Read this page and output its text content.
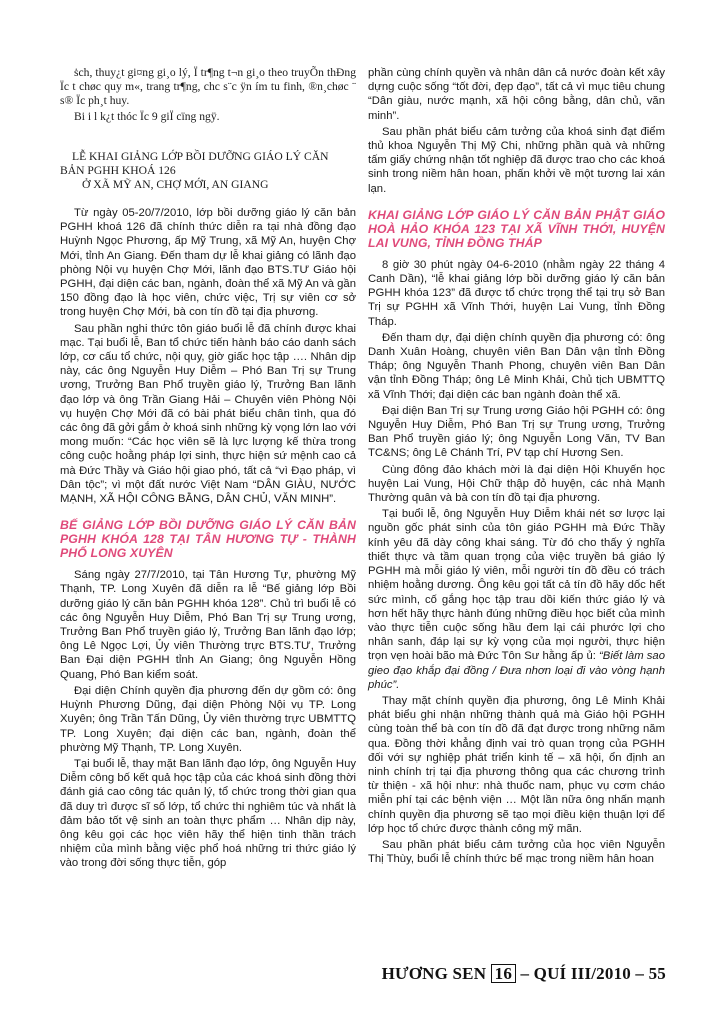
ṡch, thuy¿t gi¤ng gi¸o lý, Ï tr¶ng t¬n gi¸o theo truyÕn thÐng Ïc t chøc quy m«, trang tr¶ng, chc s¨c ÿn ím tu finh, ®n¸chøc ¨ s® Ïc ph¸t huy.

Bi i l k¿t thóc Ïc 9 giÏ cïng ngÿ.

LỄ KHAI GIẢNG LỚP BỒI DƯỠNG GIÁO LÝ CĂN
BẢN PGHH KHOÁ 126
Ở XÃ MỸ AN, CHỢ MỚI, AN GIANG

Từ ngày 05-20/7/2010, lớp bồi dưỡng giáo lý căn bản PGHH khoá 126 đã chính thức diễn ra tại nhà đồng đạo Huỳnh Ngọc Phương, ấp Mỹ Trung, xã Mỹ An, huyện Chợ Mới, tỉnh An Giang. Đến tham dự lễ khai giảng có lãnh đạo phòng Nội vụ huyện Chợ Mới, lãnh đạo BTS.TƯ Giáo hội PGHH, đại diện các ban, ngành, đoàn thể xã Mỹ An và gần 150 đồng đạo là học viên, chức việc, Trị sự viên cơ sở trong huyện Chợ Mới, bà con tín đồ tại địa phương.

Sau phần nghi thức tôn giáo buổi lễ đã chính được khai mạc. Tại buổi lễ, Ban tổ chức tiến hành báo cáo danh sách lớp, cơ cấu tổ chức, nội quy, giờ giấc học tập …. Nhân dịp này, các ông Nguyễn Huy Diễm – Phó Ban Trị sự Trung ương, Trưởng Ban Phổ truyền giáo lý, Trưởng Ban lãnh đạo lớp và ông Trần Giang Hải – Chuyên viên Phòng Nội vụ huyện Chợ Mới đã có bài phát biểu chân tình, qua đó các ông đã gởi gắm ở khoá sinh những kỳ vọng lớn lao với mong muốn: “Các học viên sẽ là lực lượng kế thừa trong công cuộc hoằng pháp lợi sinh, thực hiện sứ mệnh cao cả mà Đức Thầy và Giáo hội giao phó, tất cả “vì Đạo pháp, vì Dân tộc”; vì một đất nước Việt Nam “DÂN GIÀU, NƯỚC MẠNH, XÃ HỘI CÔNG BẰNG, DÂN CHỦ, VĂN MINH”.

BẾ GIẢNG LỚP BỒI DƯỠNG GIÁO LÝ CĂN BẢN PGHH KHÓA 128 TẠI TÂN HƯƠNG TỰ - THÀNH PHỐ LONG XUYÊN

Sáng ngày 27/7/2010, tại Tân Hương Tự, phường Mỹ Thạnh, TP. Long Xuyên đã diễn ra lễ “Bế giảng lớp Bồi dưỡng giáo lý căn bản PGHH khóa 128”. Chủ trì buổi lễ có các ông Nguyễn Huy Diễm, Phó Ban Trị sự Trung ương, Trưởng Ban Phổ truyền giáo lý, Trưởng Ban lãnh đạo lớp; ông Lê Ngọc Lợi, Ủy viên Thường trực BTS.TƯ, Trưởng Ban Đại diện PGHH tỉnh An Giang; ông Nguyễn Hồng Quang, Phó Ban kiểm soát.

Đại diện Chính quyền địa phương đến dự gồm có: ông Huỳnh Phương Dũng, đại diện Phòng Nội vụ TP. Long Xuyên; ông Trần Tấn Dũng, Ủy viên thường trực UBMTTQ TP. Long Xuyên; đại diện các ban, ngành, đoàn thể phường Mỹ Thạnh, TP. Long Xuyên.

Tại buổi lễ, thay mặt Ban lãnh đạo lớp, ông Nguyễn Huy Diễm công bố kết quả học tập của các khoá sinh đồng thời đánh giá cao công tác quản lý, tổ chức trong thời gian qua đã duy trì được sĩ số lớp, tổ chức thi nghiêm túc và nhất là đảm bảo tốt vệ sinh an toàn thực phẩm … Nhân dịp này, ông kêu gọi các học viên hãy thể hiện tinh thần trách nhiệm của mình bằng việc phổ hoá những tri thức giáo lý vào trong đời sống thực tiễn, góp

phần cùng chính quyền và nhân dân cả nước đoàn kết xây dựng cuộc sống “tốt đời, đẹp đạo”, tất cả vì mục tiêu chung “Dân giàu, nước mạnh, xã hội công bằng, dân chủ, văn minh”.

Sau phần phát biểu cảm tưởng của khoá sinh đạt điểm thủ khoa Nguyễn Thị Mỹ Chi, những phần quà và những tấm giấy chứng nhận tốt nghiệp đã được trao cho các khoá sinh trong niềm hân hoan, phấn khởi về một tương lai xán lạn.

KHAI GIẢNG LỚP GIÁO LÝ CĂN BẢN PHẬT GIÁO HOÀ HẢO KHÓA 123 TẠI XÃ VĨNH THỚI, HUYỆN LAI VUNG, TỈNH ĐỒNG THÁP

8 giờ 30 phút ngày 04-6-2010 (nhằm ngày 22 tháng 4 Canh Dần), “lễ khai giảng lớp bồi dưỡng giáo lý căn bản PGHH khóa 123” đã được tổ chức trọng thể tại trụ sở Ban Trị sự PGHH xã Vĩnh Thới, huyện Lai Vung, tỉnh Đồng Tháp.

Đến tham dự, đại diện chính quyền địa phương có: ông Danh Xuân Hoàng, chuyên viên Ban Dân vận tỉnh Đồng Tháp; ông Nguyễn Thanh Phong, chuyên viên Ban Dân vận tỉnh Đồng Tháp; ông Lê Minh Khải, Chủ tịch UBMTTQ xã Vĩnh Thới; đại diện các ban ngành đoàn thể xã.

Đại diện Ban Trị sự Trung ương Giáo hội PGHH có: ông Nguyễn Huy Diễm, Phó Ban Trị sự Trung ương, Trưởng Ban Phổ truyền giáo lý; ông Nguyễn Long Văn, TV Ban TC&NS; ông Lê Chánh Trí, PV tạp chí Hương Sen.

Cùng đông đảo khách mời là đại diện Hội Khuyến học huyện Lai Vung, Hội Chữ thập đỏ huyện, các nhà Mạnh Thường quân và bà con tín đồ tại địa phương.

Tại buổi lễ, ông Nguyễn Huy Diễm khái nét sơ lược lại nguồn gốc phát sinh của tôn giáo PGHH mà Đức Thầy kính yêu đã dày công khai sáng. Từ đó cho thấy ý nghĩa thiết thực và tầm quan trọng của việc truyền bá giáo lý PGHH mà mỗi giáo lý viên, mỗi người tín đồ đều có trách nhiệm hoằng dương. Ông kêu gọi tất cả tín đồ hãy dốc hết sức mình, cố gắng học tập trau dồi kiến thức giáo lý và hơn hết hãy thực hành đúng những điều học biết của mình vào thực tiễn cuộc sống hầu đem lại cái phước lợi cho nhân sanh, đáp lại sự kỳ vọng của mọi người, thực hiện trọn vẹn hoài bão mà Đức Tôn Sư hằng ấp ủ: “Biết làm sao gieo đạo khắp đại đồng / Đưa nhơn loại đi vào vòng hạnh phúc”.

Thay mặt chính quyền địa phương, ông Lê Minh Khải phát biểu ghi nhận những thành quả mà Giáo hội PGHH cùng toàn thể bà con tín đồ đã đạt được trong những năm qua. Đồng thời khẳng định vai trò quan trọng của PGHH đối với sự nghiệp phát triển kinh tế – xã hội, ổn định an ninh chính trị tại địa phương thông qua các chương trình từ thiện - xã hội như: nhà thuốc nam, phục vụ cơm cháo miễn phí tại các bệnh viện … Một lần nữa ông nhấn mạnh chính quyền địa phương sẽ tạo mọi điều kiện thuận lợi để lớp học tổ chức được thành công mỹ mãn.

Sau phần phát biểu cảm tưởng của học viên Nguyễn Thị Thùy, buổi lễ chính thức bế mạc trong niềm hân hoan

HƯƠNG SEN 16 – QUÍ III/2010 – 55
